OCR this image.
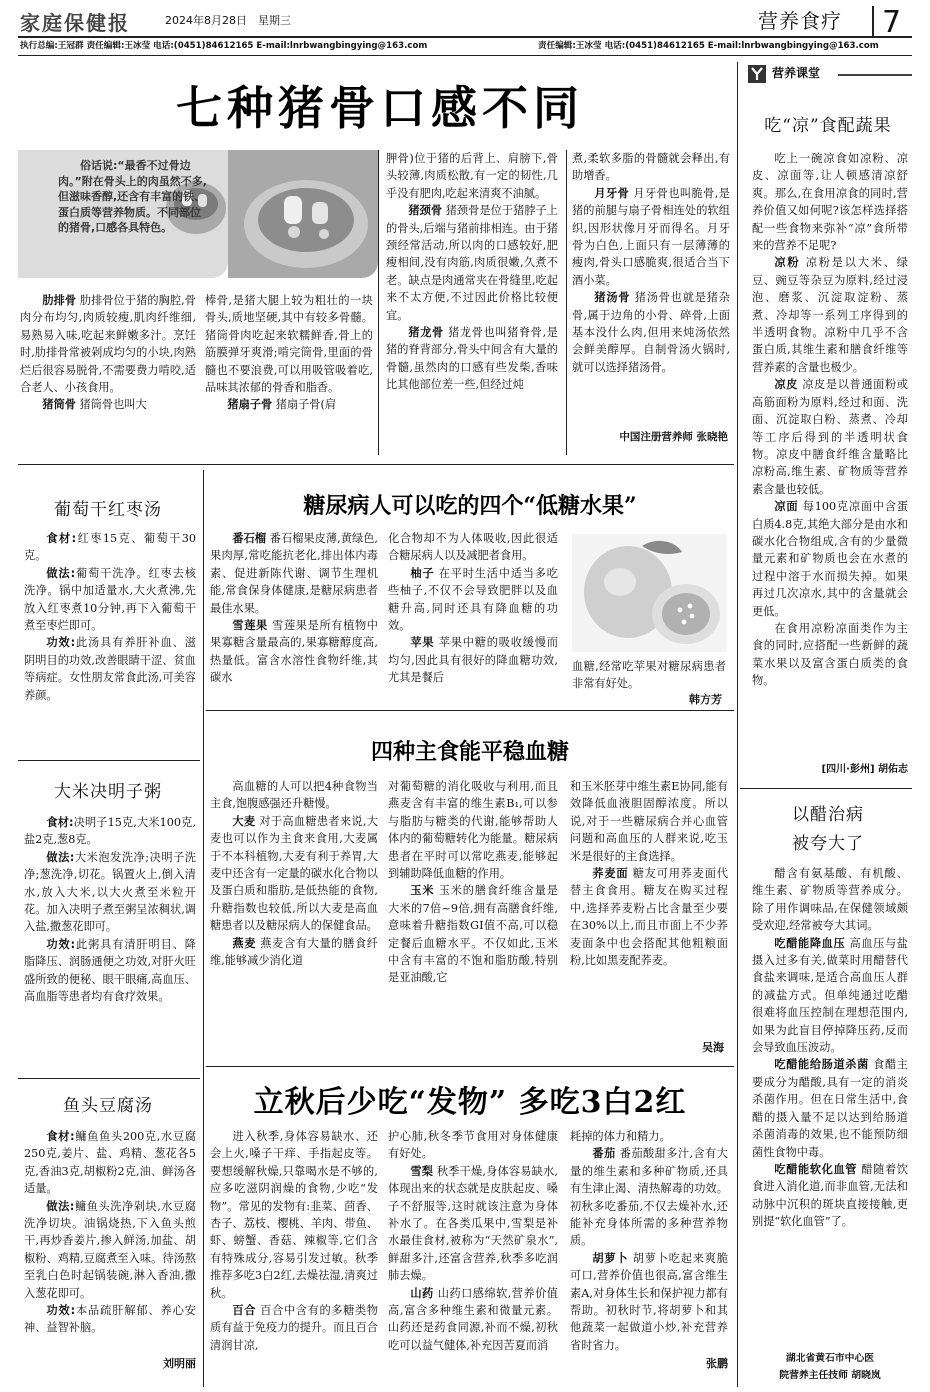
家庭保健报	2024年8月28日 星期三	营养食疗 7
执行总编:王冠群 责任编辑:王冰莹 电话:(0451)84612165 E-mail:lnrbwangbingying@163.com	责任编辑:王冰莹 电话:(0451)84612165 E-mail:lnrbwangbingying@163.com
七种猪骨口感不同
俗话说:“最香不过骨边肉。”附在骨头上的肉虽然不多,但滋味香醇,还含有丰富的铁、蛋白质等营养物质。不同部位的猪骨,口感各具特色。

肋排骨 肋排骨位于猪的胸腔,骨肉分布均匀,肉质较瘦,肌肉纤维细,易熟易入味,吃起来鲜嫩多汁。烹饪时,肋排骨常被剁成均匀的小块,肉熟烂后很容易脱骨,不需要费力啃咬,适合老人、小孩食用。

猪筒骨 猪筒骨也叫大

棒骨,是猪大腿上较为粗壮的一块骨头,质地坚硬,其中有较多骨髓。猪筒骨肉吃起来软糯鲜香,骨上的筋膜弹牙爽滑;啃完筒骨,里面的骨髓也不要浪费,可以用吸管吸着吃,品味其浓郁的骨香和脂香。

猪扇子骨 猪扇子骨(肩

胛骨)位于猪的后背上、肩膀下,骨头较薄,肉质松散,有一定的韧性,几乎没有肥肉,吃起来清爽不油腻。

猪颈骨 猪颈骨是位于猪脖子上的骨头,后端与猪前排相连。由于猪颈经常活动,所以肉的口感较好,肥瘦相间,没有肉筋,肉质很嫩,久煮不老。缺点是肉通常夹在骨缝里,吃起来不太方便,不过因此价格比较便宜。

猪龙骨 猪龙骨也叫猪脊骨,是猪的脊背部分,骨头中间含有大量的骨髓,虽然肉的口感有些发柴,香味比其他部位差一些,但经过炖

煮,柔软多脂的骨髓就会释出,有助增香。

月牙骨 月牙骨也叫脆骨,是猪的前腿与扇子骨相连处的软组织,因形状像月牙而得名。月牙骨为白色,上面只有一层薄薄的瘦肉,骨头口感脆爽,很适合当下酒小菜。

猪汤骨 猪汤骨也就是猪杂骨,属于边角的小骨、碎骨,上面基本没什么肉,但用来炖汤依然会鲜美醇厚。自制骨汤火锅时,就可以选择猪汤骨。

中国注册营养师 张晓艳
营养课堂
吃“凉”食配蔬果

吃上一碗凉食如凉粉、凉皮、凉面等,让人顿感清凉舒爽。那么,在食用凉食的同时,营养价值又如何呢?该怎样选择搭配一些食物来弥补“凉”食所带来的营养不足呢?

凉粉 凉粉是以大米、绿豆、豌豆等杂豆为原料,经过浸泡、磨浆、沉淀取淀粉、蒸煮、冷却等一系列工序得到的半透明食物。凉粉中几乎不含蛋白质,其维生素和膳食纤维等营养素的含量也极少。

凉皮 凉皮是以普通面粉或高筋面粉为原料,经过和面、洗面、沉淀取白粉、蒸煮、冷却等工序后得到的半透明状食物。凉皮中膳食纤维含量略比凉粉高,维生素、矿物质等营养素含量也较低。

凉面 每100克凉面中含蛋白质4.8克,其绝大部分是由水和碳水化合物组成,含有的少量微量元素和矿物质也会在水煮的过程中溶于水而损失掉。如果再过几次凉水,其中的含量就会更低。

在食用凉粉凉面类作为主食的同时,应搭配一些新鲜的蔬菜水果以及富含蛋白质类的食物。

[四川·彭州] 胡佑志
以醋治病
被夸大了

醋含有氨基酸、有机酸、维生素、矿物质等营养成分。除了用作调味品,在保健领域颇受欢迎,经常被夸大其词。

吃醋能降血压 高血压与盐摄入过多有关,做菜时用醋替代食盐来调味,是适合高血压人群的减盐方式。但单纯通过吃醋很难将血压控制在理想范围内,如果为此盲目停掉降压药,反而会导致血压波动。

吃醋能给肠道杀菌 食醋主要成分为醋酸,具有一定的消炎杀菌作用。但在日常生活中,食醋的摄入量不足以达到给肠道杀菌消毒的效果,也不能预防细菌性食物中毒。

吃醋能软化血管 醋随着饮食进入消化道,而非血管,无法和动脉中沉积的斑块直接接触,更别提“软化血管”了。

湖北省黄石市中心医
院营养主任技师 胡晓岚
葡萄干红枣汤

食材:红枣15克、葡萄干30克。

做法:葡萄干洗净。红枣去核洗净。锅中加适量水,大火煮沸,先放入红枣煮10分钟,再下入葡萄干煮至枣烂即可。

功效:此汤具有养肝补血、滋阴明目的功效,改善眼睛干涩、贫血等病症。女性朋友常食此汤,可美容养颜。

大米决明子粥

食材:决明子15克,大米100克,盐2克,葱8克。

做法:大米泡发洗净;决明子洗净;葱洗净,切花。锅置火上,倒入清水,放入大米,以大火煮至米粒开花。加入决明子煮至粥呈浓稠状,调入盐,撒葱花即可。

功效:此粥具有清肝明目、降脂降压、润肠通便之功效,对肝火旺盛所致的便秘、眼干眼痛,高血压、高血脂等患者均有食疗效果。

鱼头豆腐汤

食材:鳙鱼鱼头200克,水豆腐250克,姜片、盐、鸡精、葱花各5克,香油3克,胡椒粉2克,油、鲜汤各适量。

做法:鳙鱼头洗净剁块,水豆腐洗净切块。油锅烧热,下入鱼头煎干,再炒香姜片,掺入鲜汤,加盐、胡椒粉、鸡精,豆腐煮至入味。待汤熬至乳白色时起锅装碗,淋入香油,撒入葱花即可。

功效:本品疏肝解郁、养心安神、益智补脑。

刘明丽
糖尿病人可以吃的四个“低糖水果”

番石榴 番石榴果皮薄,黄绿色,果肉厚,常吃能抗老化,排出体内毒素、促进新陈代谢、调节生理机能,常食保身体健康,是糖尿病患者最佳水果。

雪莲果 雪莲果是所有植物中果寡糖含量最高的,果寡糖醇度高,热量低。富含水溶性食物纤维,其碳水

化合物却不为人体吸收,因此很适合糖尿病人以及减肥者食用。

柚子 在平时生活中适当多吃些柚子,不仅不会导致肥胖以及血糖升高,同时还具有降血糖的功效。

苹果 苹果中糖的吸收缓慢而均匀,因此具有很好的降血糖功效,尤其是餐后

血糖,经常吃苹果对糖尿病患者非常有好处。

韩方芳
四种主食能平稳血糖

高血糖的人可以把4种食物当主食,饱腹感强还升糖慢。

大麦 对于高血糖患者来说,大麦也可以作为主食来食用,大麦属于不本科植物,大麦有利于养胃,大麦中还含有一定量的碳水化合物以及蛋白质和脂肪,是低热能的食物,升糖指数也较低,所以大麦是高血糖患者以及糖尿病人的保健食品。

燕麦 燕麦含有大量的膳食纤维,能够减少消化道

对葡萄糖的消化吸收与利用,而且燕麦含有丰富的维生素B₁,可以参与脂肪与糖类的代谢,能够帮助人体内的葡萄糖转化为能量。糖尿病患者在平时可以常吃燕麦,能够起到辅助降低血糖的作用。

玉米 玉米的膳食纤维含量是大米的7倍~9倍,拥有高膳食纤维,意味着升糖指数GI值不高,可以稳定餐后血糖水平。不仅如此,玉米中含有丰富的不饱和脂肪酸,特别是亚油酸,它

和玉米胚芽中维生素E协同,能有效降低血液胆固醇浓度。所以说,对于一些糖尿病合并心血管问题和高血压的人群来说,吃玉米是很好的主食选择。

荞麦面 糖友可用荞麦面代替主食食用。糖友在购买过程中,选择荞麦粉占比含量至少要在30%以上,而且市面上不少荞麦面条中也会搭配其他粗粮面粉,比如黑麦配荞麦。

吴海
立秋后少吃“发物” 多吃3白2红

进入秋季,身体容易缺水、还会上火,嗓子干痒、手指起皮等。要想缓解秋燥,只靠喝水是不够的,应多吃滋阴润燥的食物,少吃“发物”。常见的发物有:韭菜、茴香、杏子、荔枝、樱桃、羊肉、带鱼、虾、螃蟹、香菇、辣椒等,它们含有特殊成分,容易引发过敏。秋季推荐多吃3白2红,去燥祛湿,清爽过秋。

百合 百合中含有的多糖类物质有益于免疫力的提升。而且百合清润甘凉,

护心肺,秋冬季节食用对身体健康有好处。

雪梨 秋季干燥,身体容易缺水,体现出来的状态就是皮肤起皮、嗓子不舒服等,这时就该注意为身体补水了。在各类瓜果中,雪梨是补水最佳食材,被称为“天然矿泉水”,鲜甜多汁,还富含营养,秋季多吃润肺去燥。

山药 山药口感绵软,营养价值高,富含多种维生素和微量元素。山药还是药食同源,补而不燥,初秋吃可以益气健体,补充因苦夏而消

耗掉的体力和精力。

番茄 番茄酸甜多汁,含有大量的维生素和多种矿物质,还具有生津止渴、清热解毒的功效。初秋多吃番茄,不仅去燥补水,还能补充身体所需的多种营养物质。

胡萝卜 胡萝卜吃起来爽脆可口,营养价值也很高,富含维生素A,对身体生长和保护视力都有帮助。初秋时节,将胡萝卜和其他蔬菜一起做道小炒,补充营养省时省力。

张鹏
